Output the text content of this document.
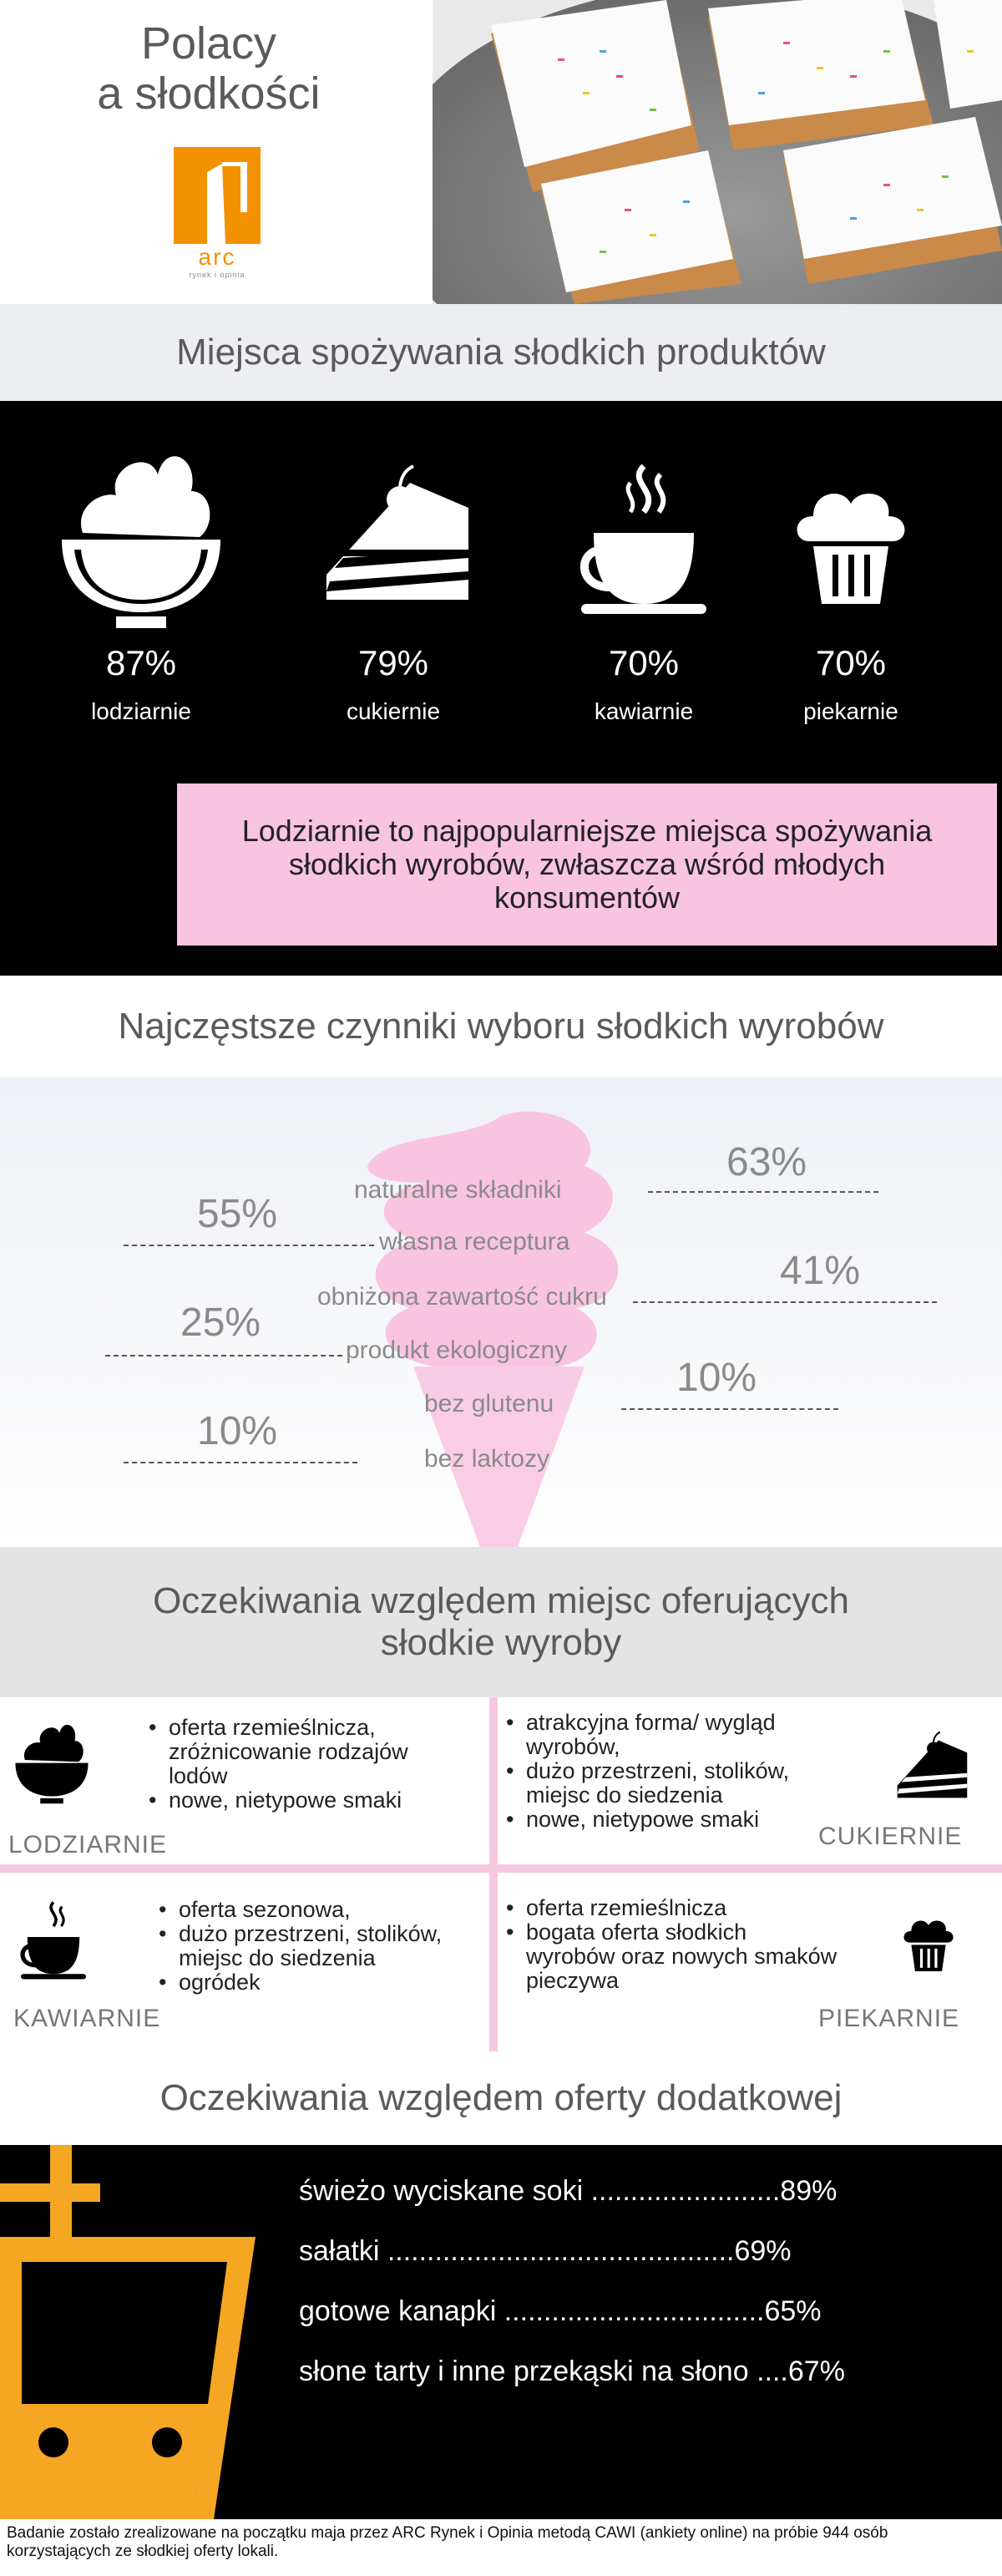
Polacy
a słodkości
arc
rynek i opinia
Miejsca spożywania słodkich produktów
87%
lodziarnie
79%
cukiernie
70%
kawiarnie
70%
piekarnie
Lodziarnie to najpopularniejsze miejsca spożywania słodkich wyrobów, zwłaszcza wśród młodych konsumentów
Najczęstsze czynniki wyboru słodkich wyrobów
naturalne składniki
63%
własna receptura
55%
obniżona zawartość cukru
41%
produkt ekologiczny
25%
bez glutenu
10%
bez laktozy
10%
Oczekiwania względem miejsc oferujących
słodkie wyroby
• oferta rzemieślnicza, zróżnicowanie rodzajów lodów
• nowe, nietypowe smaki
LODZIARNIE
• atrakcyjna forma/ wygląd wyrobów,
• dużo przestrzeni, stolików, miejsc do siedzenia
• nowe, nietypowe smaki
CUKIERNIE
• oferta sezonowa,
• dużo przestrzeni, stolików, miejsc do siedzenia
• ogródek
KAWIARNIE
• oferta rzemieślnicza
• bogata oferta słodkich wyrobów oraz nowych smaków pieczywa
PIEKARNIE
Oczekiwania względem oferty dodatkowej
świeżo wyciskane soki ........................89%
sałatki ............................................69%
gotowe kanapki .................................65%
słone tarty i inne przekąski na słono ....67%
Badanie zostało zrealizowane na początku maja przez ARC Rynek i Opinia metodą CAWI (ankiety online) na próbie 944 osób korzystających ze słodkiej oferty lokali.
